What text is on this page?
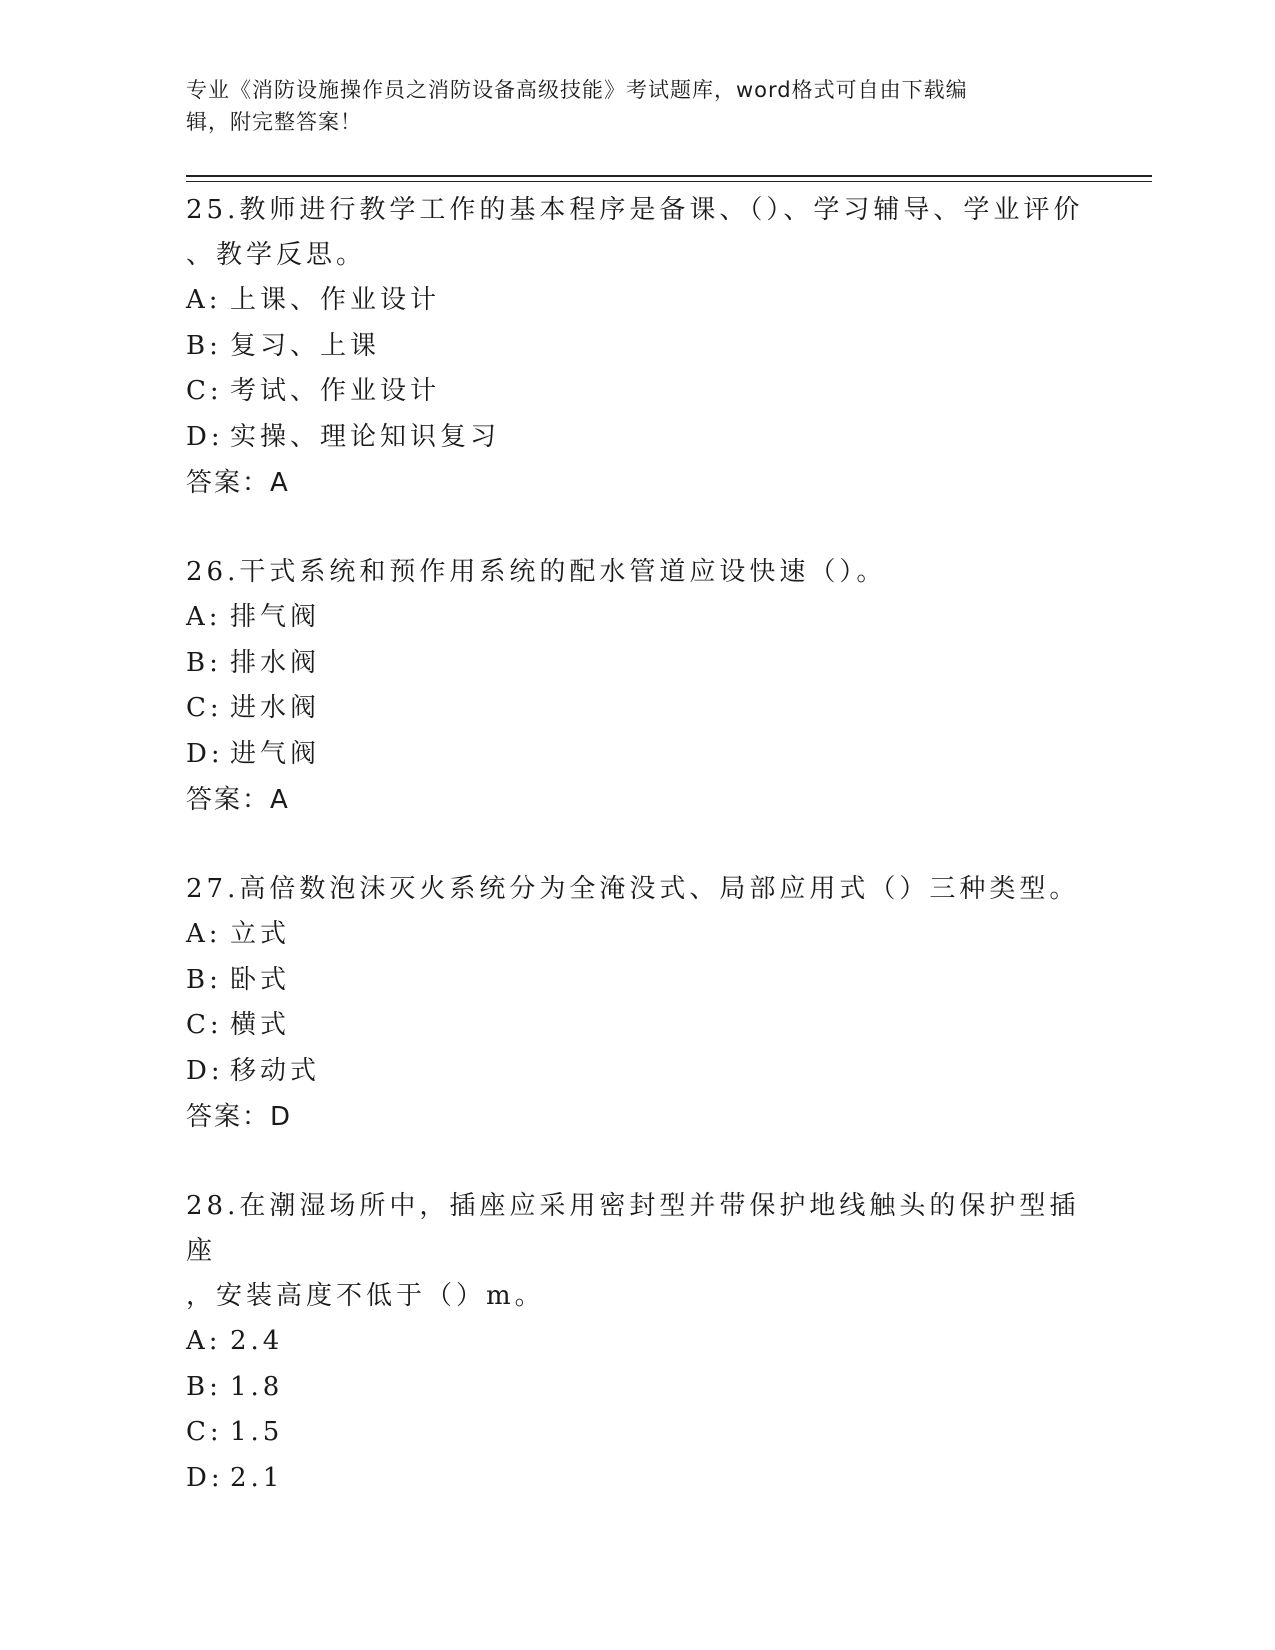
专业《消防设施操作员之消防设备高级技能》考试题库，word格式可自由下载编
辑，附完整答案！
25.教师进行教学工作的基本程序是备课、（）、学习辅导、学业评价
、教学反思。
A: 上课、作业设计
B: 复习、上课
C: 考试、作业设计
D: 实操、理论知识复习
答案：A
26.干式系统和预作用系统的配水管道应设快速（）。
A: 排气阀
B: 排水阀
C: 进水阀
D: 进气阀
答案：A
27.高倍数泡沫灭火系统分为全淹没式、局部应用式（）三种类型。
A: 立式
B: 卧式
C: 横式
D: 移动式
答案：D
28.在潮湿场所中，插座应采用密封型并带保护地线触头的保护型插座
，安装高度不低于（）m。
A: 2.4
B: 1.8
C: 1.5
D: 2.1
